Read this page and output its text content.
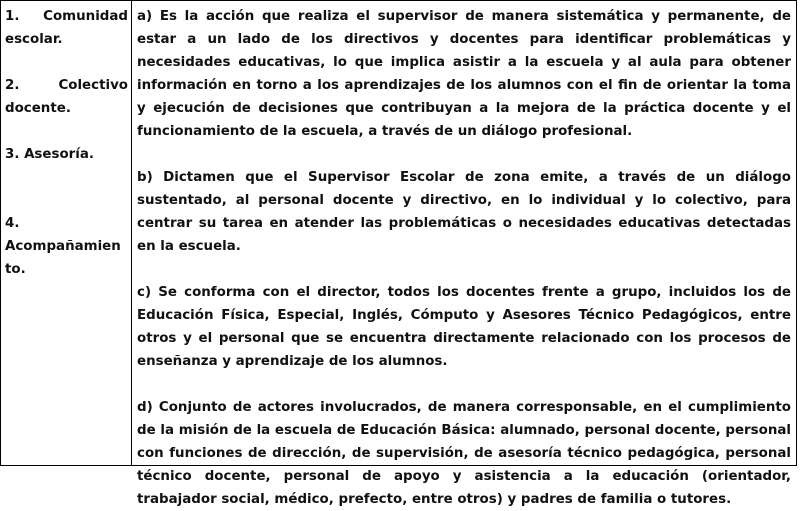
1. Comunidad

escolar.

2. Colectivo

docente.

3. Asesoría.

4.

Acompañamien

to.

a) Es la acción que realiza el supervisor de manera sistemática y permanente, de estar a un lado de los directivos y docentes para identificar problemáticas y necesidades educativas, lo que implica asistir a la escuela y al aula para obtener información en torno a los aprendizajes de los alumnos con el fin de orientar la toma y ejecución de decisiones que contribuyan a la mejora de la práctica docente y el funcionamiento de la escuela, a través de un diálogo profesional.

b) Dictamen que el Supervisor Escolar de zona emite, a través de un diálogo sustentado, al personal docente y directivo, en lo individual y lo colectivo, para centrar su tarea en atender las problemáticas o necesidades educativas detectadas en la escuela.

c) Se conforma con el director, todos los docentes frente a grupo, incluidos los de Educación Física, Especial, Inglés, Cómputo y Asesores Técnico Pedagógicos, entre otros y el personal que se encuentra directamente relacionado con los procesos de enseñanza y aprendizaje de los alumnos.

d) Conjunto de actores involucrados, de manera corresponsable, en el cumplimiento de la misión de la escuela de Educación Básica: alumnado, personal docente, personal con funciones de dirección, de supervisión, de asesoría técnico pedagógica, personal técnico docente, personal de apoyo y asistencia a la educación (orientador, trabajador social, médico, prefecto, entre otros) y padres de familia o tutores.
